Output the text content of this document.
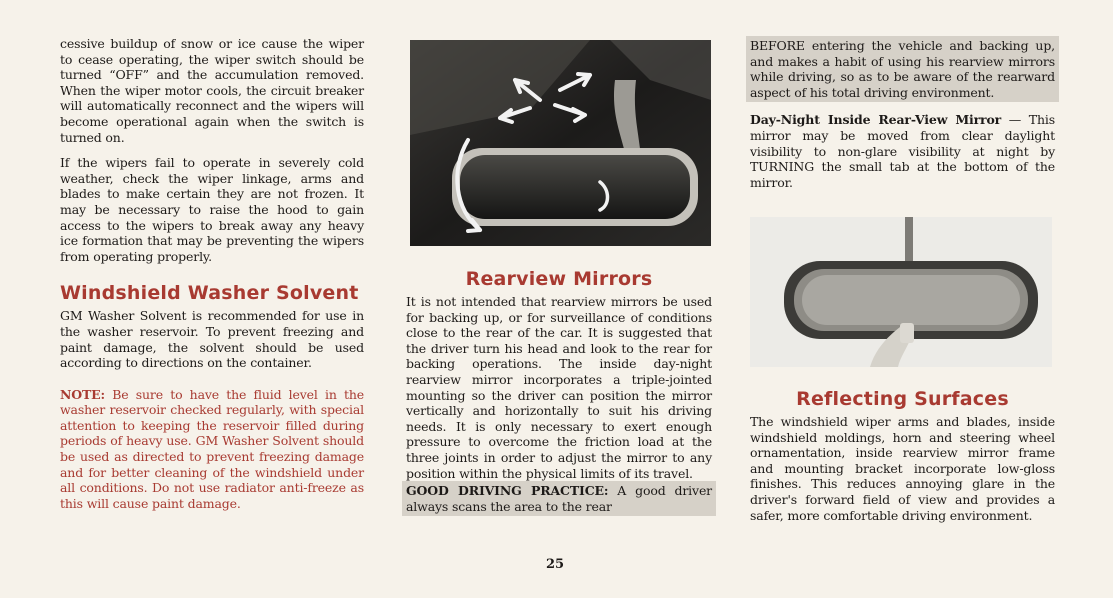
cessive buildup of snow or ice cause the wiper to cease operating, the wiper switch should be turned “OFF” and the accumulation removed. When the wiper motor cools, the circuit breaker will automatically reconnect and the wipers will become operational again when the switch is turned on.

If the wipers fail to operate in severely cold weather, check the wiper linkage, arms and blades to make certain they are not frozen. It may be necessary to raise the hood to gain access to the wipers to break away any heavy ice formation that may be preventing the wipers from operating properly.

Windshield Washer Solvent

GM Washer Solvent is recommended for use in the washer reservoir. To prevent freezing and paint damage, the solvent should be used according to directions on the container.

NOTE: Be sure to have the fluid level in the washer reservoir checked regularly, with special attention to keeping the reservoir filled during periods of heavy use. GM Washer Solvent should be used as directed to prevent freezing damage and for better cleaning of the windshield under all conditions. Do not use radiator anti-freeze as this will cause paint damage.

Rearview Mirrors

It is not intended that rearview mirrors be used for backing up, or for surveillance of conditions close to the rear of the car. It is suggested that the driver turn his head and look to the rear for backing operations. The inside day-night rearview mirror incorporates a triple-jointed mounting so the driver can position the mirror vertically and horizontally to suit his driving needs. It is only necessary to exert enough pressure to overcome the friction load at the three joints in order to adjust the mirror to any position within the physical limits of its travel.

GOOD DRIVING PRACTICE: A good driver always scans the area to the rear

BEFORE entering the vehicle and backing up, and makes a habit of using his rearview mirrors while driving, so as to be aware of the rearward aspect of his total driving environment.

Day-Night Inside Rear-View Mirror — This mirror may be moved from clear daylight visibility to non-glare visibility at night by TURNING the small tab at the bottom of the mirror.

Reflecting Surfaces

The windshield wiper arms and blades, inside windshield moldings, horn and steering wheel ornamentation, inside rearview mirror frame and mounting bracket incorporate low-gloss finishes. This reduces annoying glare in the driver's forward field of view and provides a safer, more comfortable driving environment.

25
